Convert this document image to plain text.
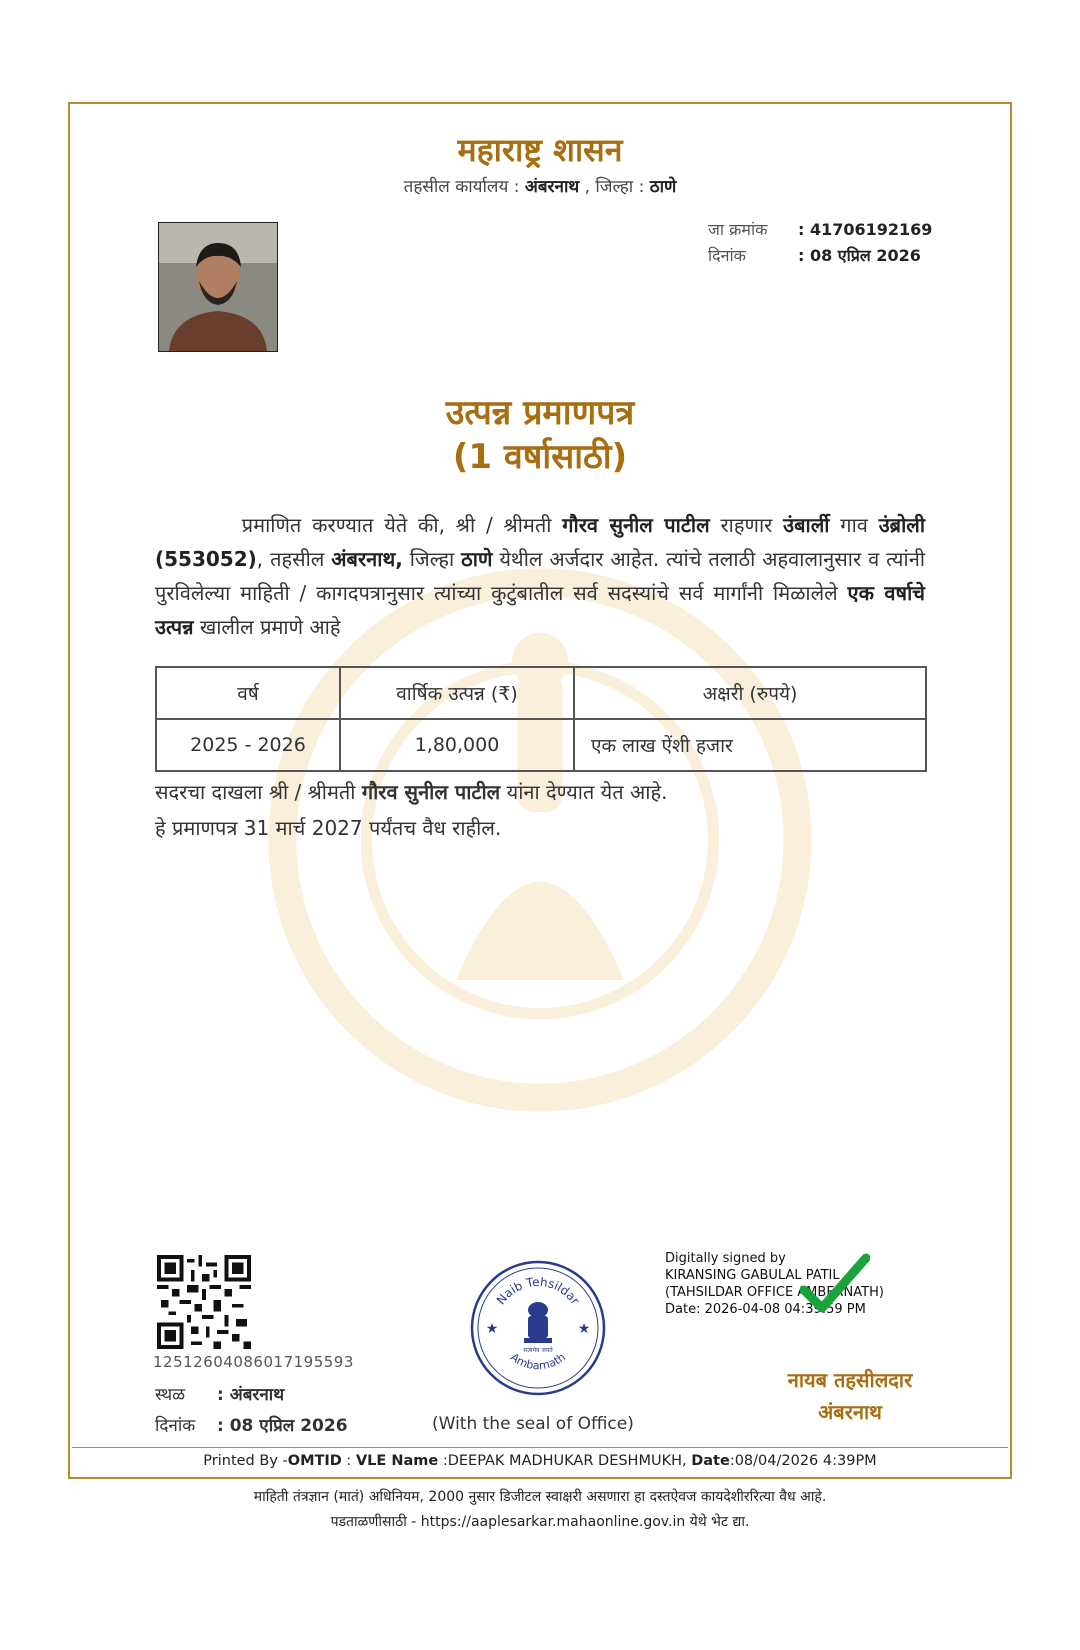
महाराष्ट्र शासन
तहसील कार्यालय : अंबरनाथ , जिल्हा : ठाणे
जा क्रमांक : 41706192169
दिनांक	: 08 एप्रिल 2026
उत्पन्न प्रमाणपत्र
(1 वर्षासाठी)
प्रमाणित करण्यात येते की, श्री / श्रीमती गौरव सुनील पाटील राहणार उंबार्ली गाव उंब्रोली (553052), तहसील अंबरनाथ, जिल्हा ठाणे येथील अर्जदार आहेत. त्यांचे तलाठी अहवालानुसार व त्यांनी पुरविलेल्या माहिती / कागदपत्रानुसार त्यांच्या कुटुंबातील सर्व सदस्यांचे सर्व मार्गांनी मिळालेले एक वर्षाचे उत्पन्न खालील प्रमाणे आहे
वर्ष	वार्षिक उत्पन्न (₹)	अक्षरी (रुपये)
2025 - 2026	1,80,000	एक लाख ऐंशी हजार
सदरचा दाखला श्री / श्रीमती गौरव सुनील पाटील यांना देण्यात येत आहे.
हे प्रमाणपत्र 31 मार्च 2027 पर्यंतच वैध राहील.
12512604086017195593
स्थळ : अंबरनाथ
दिनांक : 08 एप्रिल 2026
Naib Tehsildar
Ambarnath
★	★
सत्यमेव जयते
(With the seal of Office)
Digitally signed by
KIRANSING GABULAL PATIL
(TAHSILDAR OFFICE AMBERNATH)
Date: 2026-04-08 04:39:59 PM
नायब तहसीलदार
अंबरनाथ
Printed By -OMTID : VLE Name :DEEPAK MADHUKAR DESHMUKH, Date:08/04/2026 4:39PM
माहिती तंत्रज्ञान (मातं) अधिनियम, 2000 नुसार डिजीटल स्वाक्षरी असणारा हा दस्तऐवज कायदेशीररित्या वैध आहे.
पडताळणीसाठी - https://aaplesarkar.mahaonline.gov.in येथे भेट द्या.
